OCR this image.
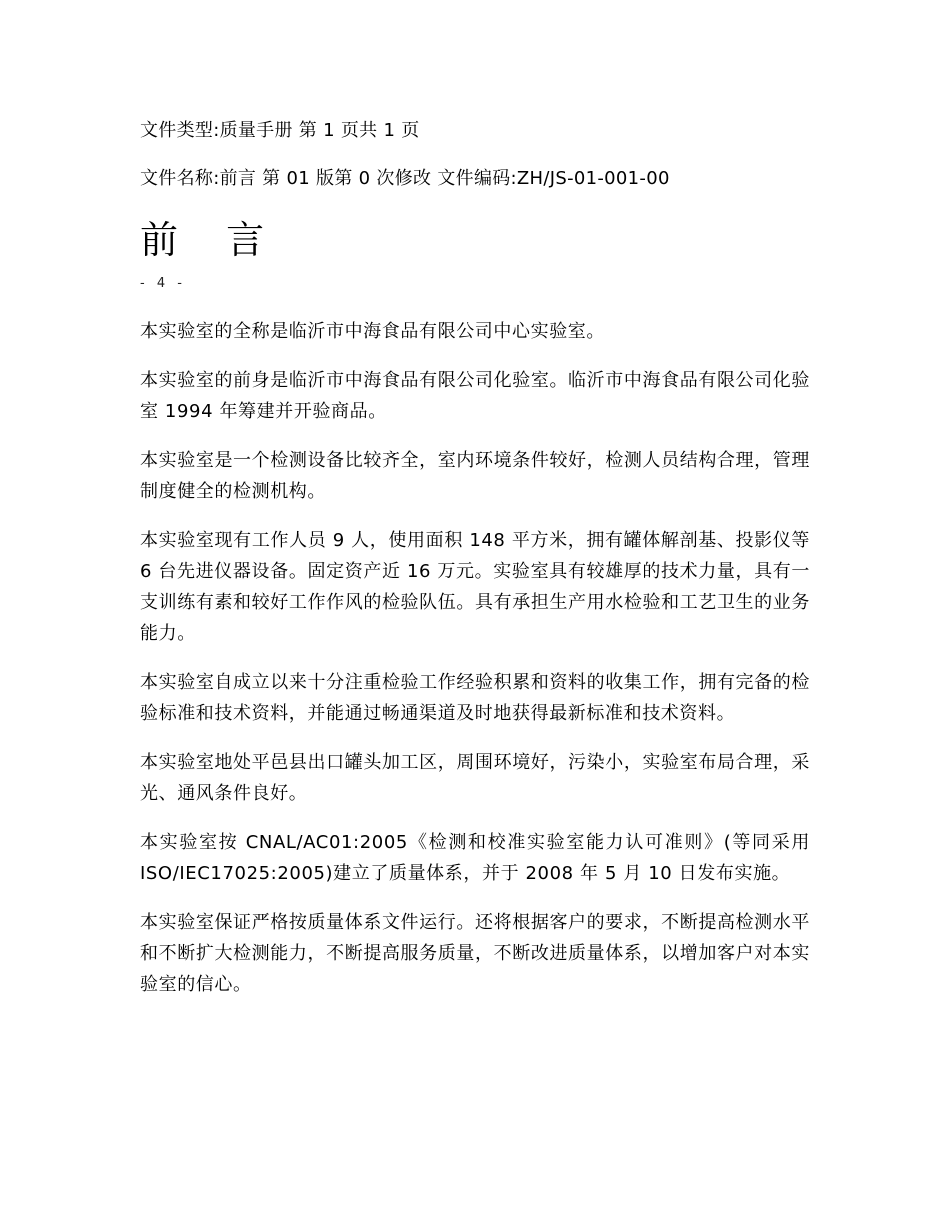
文件类型:质量手册 第 1 页共 1 页
文件名称:前言 第 01 版第 0 次修改 文件编码:ZH/JS-01-001-00
前 言
- 4 -

本实验室的全称是临沂市中海食品有限公司中心实验室。

本实验室的前身是临沂市中海食品有限公司化验室。临沂市中海食品有限公司化验室 1994 年筹建并开验商品。

本实验室是一个检测设备比较齐全，室内环境条件较好，检测人员结构合理，管理制度健全的检测机构。

本实验室现有工作人员 9 人，使用面积 148 平方米，拥有罐体解剖基、投影仪等 6 台先进仪器设备。固定资产近 16 万元。实验室具有较雄厚的技术力量，具有一支训练有素和较好工作作风的检验队伍。具有承担生产用水检验和工艺卫生的业务能力。

本实验室自成立以来十分注重检验工作经验积累和资料的收集工作，拥有完备的检验标准和技术资料，并能通过畅通渠道及时地获得最新标准和技术资料。

本实验室地处平邑县出口罐头加工区，周围环境好，污染小，实验室布局合理，采光、通风条件良好。

本实验室按 CNAL/AC01:2005《检测和校准实验室能力认可准则》(等同采用 ISO/IEC17025:2005)建立了质量体系，并于 2008 年 5 月 10 日发布实施。

本实验室保证严格按质量体系文件运行。还将根据客户的要求，不断提高检测水平和不断扩大检测能力，不断提高服务质量，不断改进质量体系，以增加客户对本实验室的信心。
